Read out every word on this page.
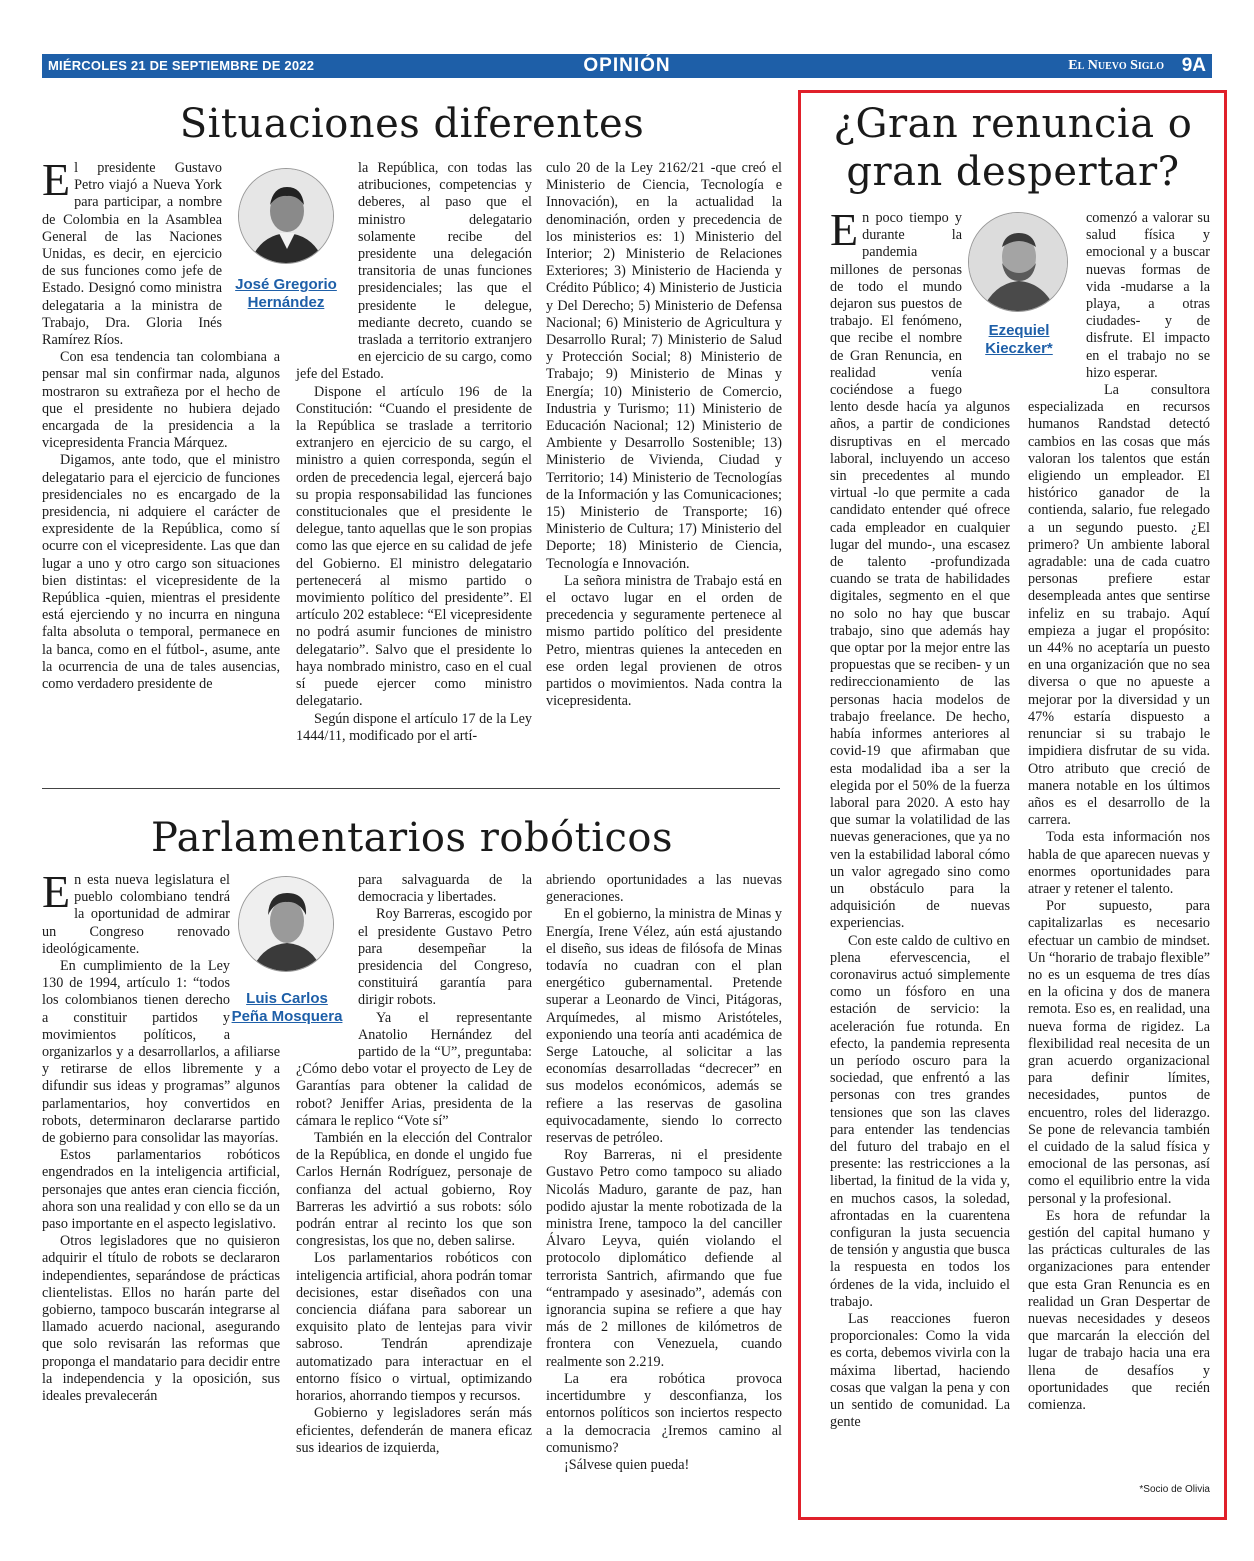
MIÉRCOLES 21 DE SEPTIEMBRE DE 2022	OPINIÓN	El Nuevo Siglo 9A
Situaciones diferentes

El presidente Gustavo Petro viajó a Nueva York para participar, a nombre de Colombia en la Asamblea General de las Naciones Unidas, es decir, en ejercicio de sus funciones como jefe de Estado. Designó como ministra delegataria a la ministra de Trabajo, Dra. Gloria Inés Ramírez Ríos.

Con esa tendencia tan colombiana a pensar mal sin confirmar nada, algunos mostraron su extrañeza por el hecho de que el presidente no hubiera dejado encargada de la presidencia a la vicepresidenta Francia Márquez.

Digamos, ante todo, que el ministro delegatario para el ejercicio de funciones presidenciales no es encargado de la presidencia, ni adquiere el carácter de expresidente de la República, como sí ocurre con el vicepresidente. Las que dan lugar a uno y otro cargo son situaciones bien distintas: el vicepresidente de la República -quien, mientras el presidente está ejerciendo y no incurra en ninguna falta absoluta o temporal, permanece en la banca, como en el fútbol-, asume, ante la ocurrencia de una de tales ausencias, como verdadero presidente de

José Gregorio
Hernández

la República, con todas las atribuciones, competencias y deberes, al paso que el ministro delegatario solamente recibe del presidente una delegación transitoria de unas funciones presidenciales; las que el presidente le delegue, mediante decreto, cuando se traslada a territorio extranjero en ejercicio de su cargo, como jefe del Estado.

Dispone el artículo 196 de la Constitución: “Cuando el presidente de la República se traslade a territorio extranjero en ejercicio de su cargo, el ministro a quien corresponda, según el orden de precedencia legal, ejercerá bajo su propia responsabilidad las funciones constitucionales que el presidente le delegue, tanto aquellas que le son propias como las que ejerce en su calidad de jefe del Gobierno. El ministro delegatario pertenecerá al mismo partido o movimiento político del presidente”. El artículo 202 establece: “El vicepresidente no podrá asumir funciones de ministro delegatario”. Salvo que el presidente lo haya nombrado ministro, caso en el cual sí puede ejercer como ministro delegatario.

Según dispone el artículo 17 de la Ley 1444/11, modificado por el artí-

culo 20 de la Ley 2162/21 -que creó el Ministerio de Ciencia, Tecnología e Innovación), en la actualidad la denominación, orden y precedencia de los ministerios es: 1) Ministerio del Interior; 2) Ministerio de Relaciones Exteriores; 3) Ministerio de Hacienda y Crédito Público; 4) Ministerio de Justicia y Del Derecho; 5) Ministerio de Defensa Nacional; 6) Ministerio de Agricultura y Desarrollo Rural; 7) Ministerio de Salud y Protección Social; 8) Ministerio de Trabajo; 9) Ministerio de Minas y Energía; 10) Ministerio de Comercio, Industria y Turismo; 11) Ministerio de Educación Nacional; 12) Ministerio de Ambiente y Desarrollo Sostenible; 13) Ministerio de Vivienda, Ciudad y Territorio; 14) Ministerio de Tecnologías de la Información y las Comunicaciones; 15) Ministerio de Transporte; 16) Ministerio de Cultura; 17) Ministerio del Deporte; 18) Ministerio de Ciencia, Tecnología e Innovación.

La señora ministra de Trabajo está en el octavo lugar en el orden de precedencia y seguramente pertenece al mismo partido político del presidente Petro, mientras quienes la anteceden en ese orden legal provienen de otros partidos o movimientos. Nada contra la vicepresidenta.

Parlamentarios robóticos

En esta nueva legislatura el pueblo colombiano tendrá la oportunidad de admirar un Congreso renovado ideológicamente.

En cumplimiento de la Ley 130 de 1994, artículo 1: “todos los colombianos tienen derecho a constituir partidos y movimientos políticos, a organizarlos y a desarrollarlos, a afiliarse y retirarse de ellos libremente y a difundir sus ideas y programas” algunos parlamentarios, hoy convertidos en robots, determinaron declararse partido de gobierno para consolidar las mayorías.

Estos parlamentarios robóticos engendrados en la inteligencia artificial, personajes que antes eran ciencia ficción, ahora son una realidad y con ello se da un paso importante en el aspecto legislativo.

Otros legisladores que no quisieron adquirir el título de robots se declararon independientes, separándose de prácticas clientelistas. Ellos no harán parte del gobierno, tampoco buscarán integrarse al llamado acuerdo nacional, asegurando que solo revisarán las reformas que proponga el mandatario para decidir entre la independencia y la oposición, sus ideales prevalecerán

Luis Carlos
Peña Mosquera

para salvaguarda de la democracia y libertades.

Roy Barreras, escogido por el presidente Gustavo Petro para desempeñar la presidencia del Congreso, constituirá garantía para dirigir robots.

Ya el representante Anatolio Hernández del partido de la “U”, preguntaba: ¿Cómo debo votar el proyecto de Ley de Garantías para obtener la calidad de robot? Jeniffer Arias, presidenta de la cámara le replico “Vote sí”

También en la elección del Contralor de la República, en donde el ungido fue Carlos Hernán Rodríguez, personaje de confianza del actual gobierno, Roy Barreras les advirtió a sus robots: sólo podrán entrar al recinto los que son congresistas, los que no, deben salirse.

Los parlamentarios robóticos con inteligencia artificial, ahora podrán tomar decisiones, estar diseñados con una conciencia diáfana para saborear un exquisito plato de lentejas para vivir sabroso. Tendrán aprendizaje automatizado para interactuar en el entorno físico o virtual, optimizando horarios, ahorrando tiempos y recursos.

Gobierno y legisladores serán más eficientes, defenderán de manera eficaz sus idearios de izquierda,

abriendo oportunidades a las nuevas generaciones.

En el gobierno, la ministra de Minas y Energía, Irene Vélez, aún está ajustando el diseño, sus ideas de filósofa de Minas todavía no cuadran con el plan energético gubernamental. Pretende superar a Leonardo de Vinci, Pitágoras, Arquímedes, al mismo Aristóteles, exponiendo una teoría anti académica de Serge Latouche, al solicitar a las economías desarrolladas “decrecer” en sus modelos económicos, además se refiere a las reservas de gasolina equivocadamente, siendo lo correcto reservas de petróleo.

Roy Barreras, ni el presidente Gustavo Petro como tampoco su aliado Nicolás Maduro, garante de paz, han podido ajustar la mente robotizada de la ministra Irene, tampoco la del canciller Álvaro Leyva, quién violando el protocolo diplomático defiende al terrorista Santrich, afirmando que fue “entrampado y asesinado”, además con ignorancia supina se refiere a que hay más de 2 millones de kilómetros de frontera con Venezuela, cuando realmente son 2.219.

La era robótica provoca incertidumbre y desconfianza, los entornos políticos son inciertos respecto a la democracia ¿Iremos camino al comunismo?

¡Sálvese quien pueda!

¿Gran renuncia o
gran despertar?

En poco tiempo y durante la pandemia millones de personas de todo el mundo dejaron sus puestos de trabajo. El fenómeno, que recibe el nombre de Gran Renuncia, en realidad venía cociéndose a fuego lento desde hacía ya algunos años, a partir de condiciones disruptivas en el mercado laboral, incluyendo un acceso sin precedentes al mundo virtual -lo que permite a cada candidato entender qué ofrece cada empleador en cualquier lugar del mundo-, una escasez de talento -profundizada cuando se trata de habilidades digitales, segmento en el que no solo no hay que buscar trabajo, sino que además hay que optar por la mejor entre las propuestas que se reciben- y un redireccionamiento de las personas hacia modelos de trabajo freelance. De hecho, había informes anteriores al covid-19 que afirmaban que esta modalidad iba a ser la elegida por el 50% de la fuerza laboral para 2020. A esto hay que sumar la volatilidad de las nuevas generaciones, que ya no ven la estabilidad laboral cómo un valor agregado sino como un obstáculo para la adquisición de nuevas experiencias.

Con este caldo de cultivo en plena efervescencia, el coronavirus actuó simplemente como un fósforo en una estación de servicio: la aceleración fue rotunda. En efecto, la pandemia representa un período oscuro para la sociedad, que enfrentó a las personas con tres grandes tensiones que son las claves para entender las tendencias del futuro del trabajo en el presente: las restricciones a la libertad, la finitud de la vida y, en muchos casos, la soledad, afrontadas en la cuarentena configuran la justa secuencia de tensión y angustia que busca la respuesta en todos los órdenes de la vida, incluido el trabajo.

Las reacciones fueron proporcionales: Como la vida es corta, debemos vivirla con la máxima libertad, haciendo cosas que valgan la pena y con un sentido de comunidad. La gente

Ezequiel
Kieczker*

comenzó a valorar su salud física y emocional y a buscar nuevas formas de vida -mudarse a la playa, a otras ciudades- y de disfrute. El impacto en el trabajo no se hizo esperar.

La consultora especializada en recursos humanos Randstad detectó cambios en las cosas que más valoran los talentos que están eligiendo un empleador. El histórico ganador de la contienda, salario, fue relegado a un segundo puesto. ¿El primero? Un ambiente laboral agradable: una de cada cuatro personas prefiere estar desempleada antes que sentirse infeliz en su trabajo. Aquí empieza a jugar el propósito: un 44% no aceptaría un puesto en una organización que no sea diversa o que no apueste a mejorar por la diversidad y un 47% estaría dispuesto a renunciar si su trabajo le impidiera disfrutar de su vida. Otro atributo que creció de manera notable en los últimos años es el desarrollo de la carrera.

Toda esta información nos habla de que aparecen nuevas y enormes oportunidades para atraer y retener el talento.

Por supuesto, para capitalizarlas es necesario efectuar un cambio de mindset. Un “horario de trabajo flexible” no es un esquema de tres días en la oficina y dos de manera remota. Eso es, en realidad, una nueva forma de rigidez. La flexibilidad real necesita de un gran acuerdo organizacional para definir límites, necesidades, puntos de encuentro, roles del liderazgo. Se pone de relevancia también el cuidado de la salud física y emocional de las personas, así como el equilibrio entre la vida personal y la profesional.

Es hora de refundar la gestión del capital humano y las prácticas culturales de las organizaciones para entender que esta Gran Renuncia es en realidad un Gran Despertar de nuevas necesidades y deseos que marcarán la elección del lugar de trabajo hacia una era llena de desafíos y oportunidades que recién comienza.

*Socio de Olivia
